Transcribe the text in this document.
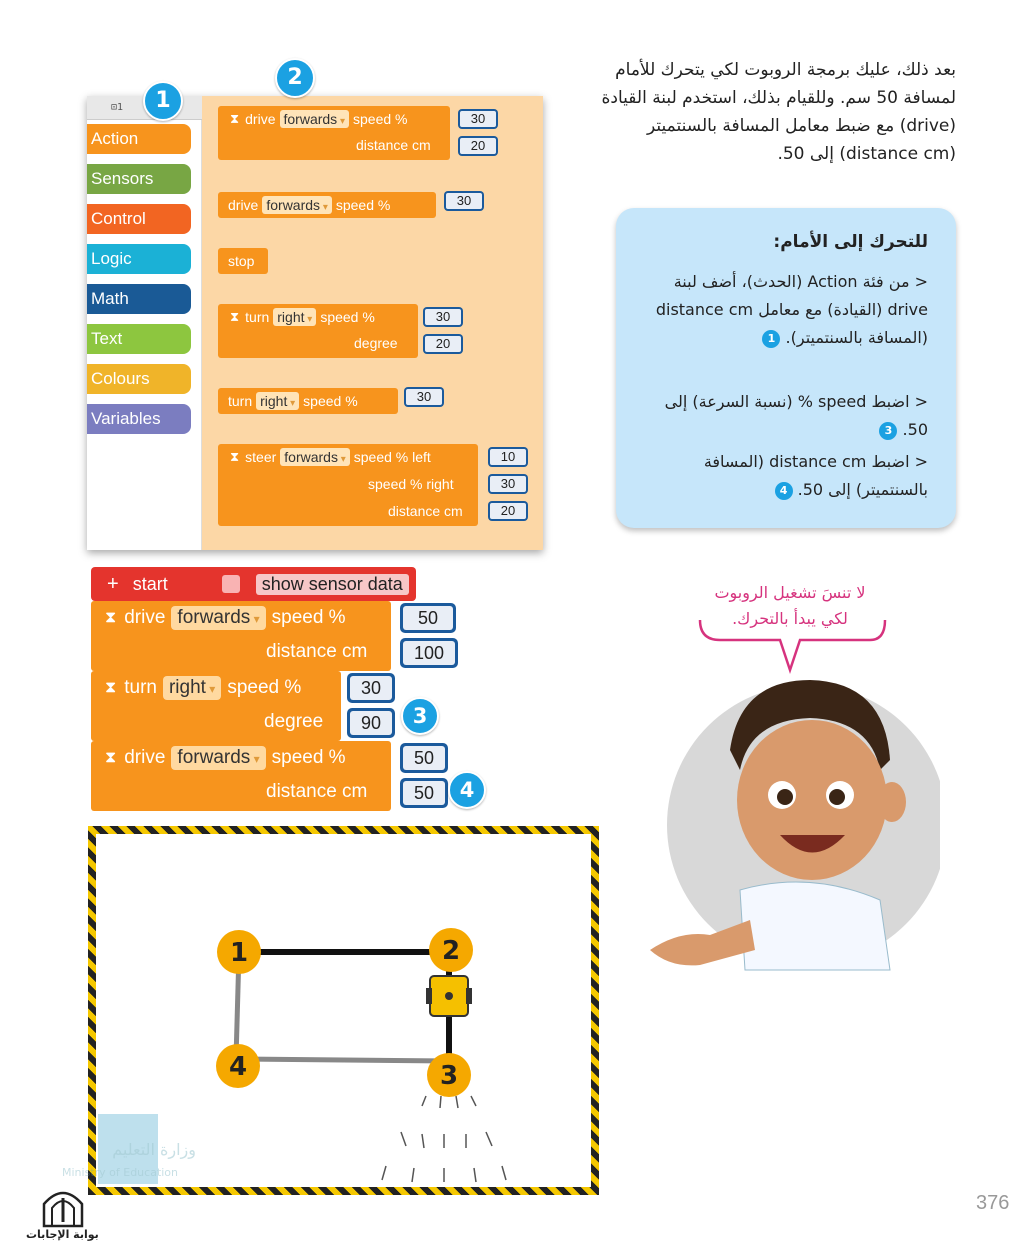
⊡1
Action
Sensors
Control
Logic
Math
Text
Colours
Variables
⧗ drive forwards ▾	speed %
distance cm
30
20
drive forwards ▾	speed %	30
stop
⧗ turn right ▾	speed %
degree
30
20
turn right ▾	speed %	30
⧗ steer forwards ▾	speed % left
speed % right
distance cm
10
30
20
1
2
+ start	show sensor data
⧗ drive forwards ▾	speed %
distance cm
50
100
⧗ turn right ▾	speed %
degree
30
90
⧗ drive forwards ▾	speed %
distance cm
50
50
3
4
1	2
3
4
بعد ذلك، عليك برمجة الروبوت لكي يتحرك للأمام لمسافة 50 سم. وللقيام بذلك، استخدم لبنة القيادة (drive) مع ضبط معامل المسافة بالسنتميتر (distance cm) إلى 50.
للتحرك إلى الأمام:
< من فئة Action (الحدث)، أضف لبنة drive (القيادة) مع معامل distance cm (المسافة بالسنتميتر). 1
< اضبط speed % (نسبة السرعة) إلى 50. 3
< اضبط distance cm (المسافة بالسنتميتر) إلى 50. 4
لا تنسَ تشغيل الروبوت لكي يبدأ بالتحرك.
وزارة التعليم
Ministry of Education
بوابة الإجابات
376
